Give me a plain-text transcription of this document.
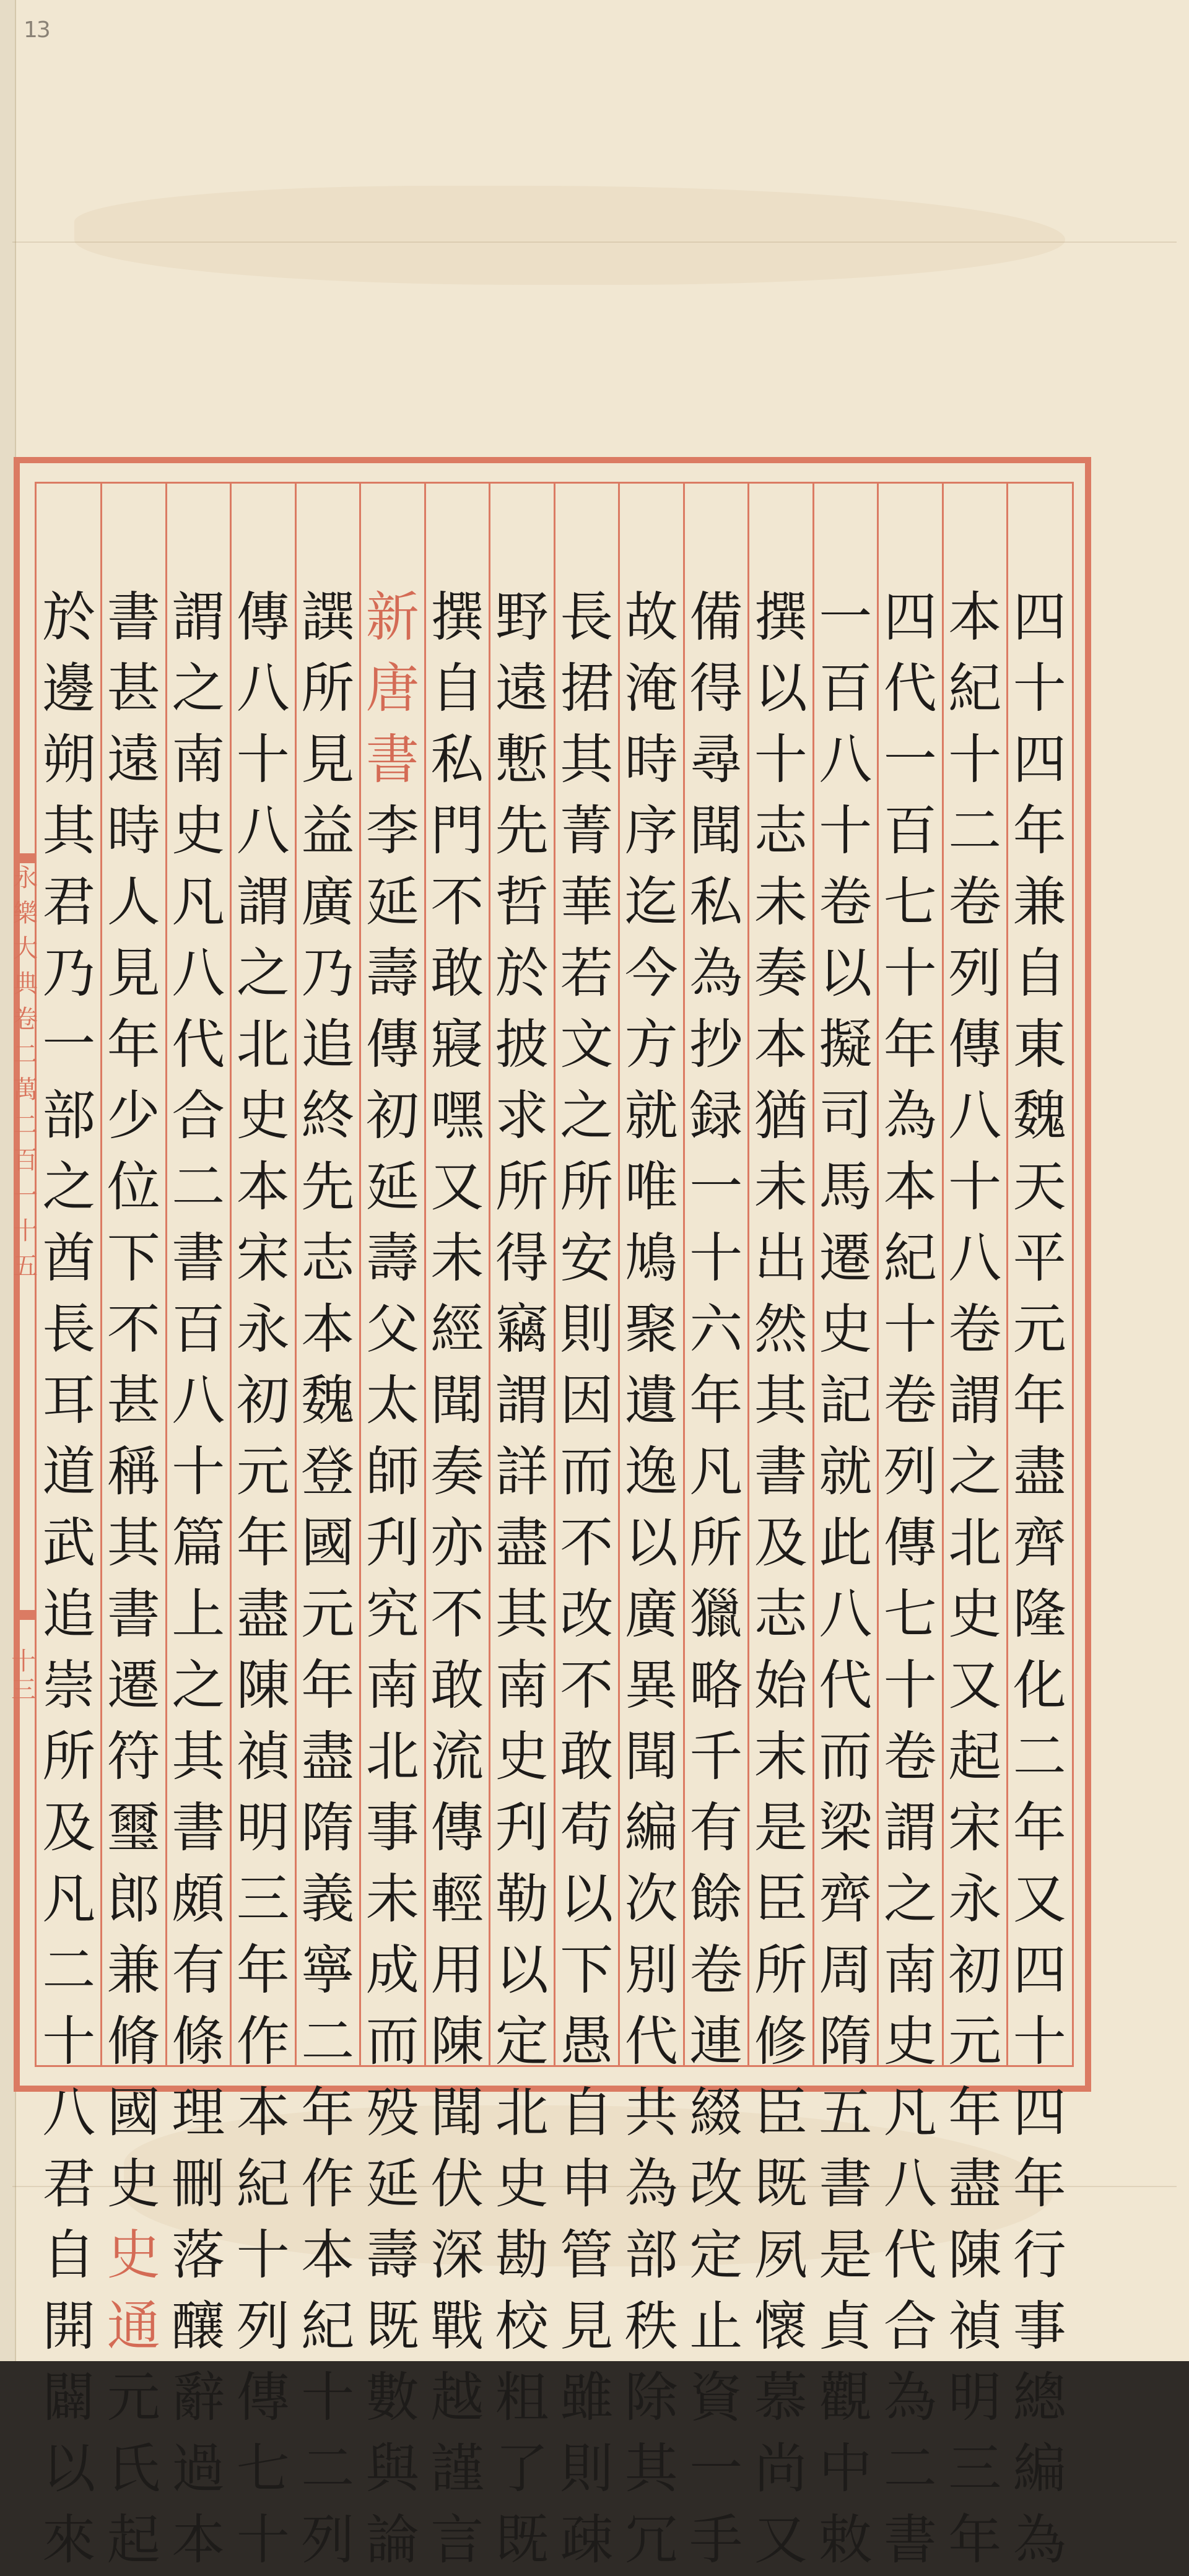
13
永
樂
大
典
卷
二
萬
二
百
一
十
五
十
三
四
十
四
年
兼
自
東
魏
天
平
元
年
盡
齊
隆
化
二
年
又
四
十
四
年
行
事
總
編
為
本
紀
十
二
卷
列
傳
八
十
八
卷
謂
之
北
史
又
起
宋
永
初
元
年
盡
陳
禎
明
三
年
四
代
一
百
七
十
年
為
本
紀
十
卷
列
傳
七
十
卷
謂
之
南
史
凡
八
代
合
為
二
書
一
百
八
十
卷
以
擬
司
馬
遷
史
記
就
此
八
代
而
梁
齊
周
隋
五
書
是
貞
觀
中
敕
撰
以
十
志
未
奏
本
猶
未
出
然
其
書
及
志
始
末
是
臣
所
修
臣
既
夙
懷
慕
尚
又
備
得
尋
聞
私
為
抄
録
一
十
六
年
凡
所
獵
略
千
有
餘
卷
連
綴
改
定
止
資
一
手
故
淹
時
序
迄
今
方
就
唯
鳩
聚
遺
逸
以
廣
異
聞
編
次
別
代
共
為
部
秩
除
其
冗
長
捃
其
菁
華
若
文
之
所
安
則
因
而
不
改
不
敢
苟
以
下
愚
自
申
管
見
雖
則
疎
野
遠
慙
先
哲
於
披
求
所
得
竊
謂
詳
盡
其
南
史
刋
勒
以
定
北
史
勘
校
粗
了
既
撰
自
私
門
不
敢
寢
嘿
又
未
經
聞
奏
亦
不
敢
流
傳
輕
用
陳
聞
伏
深
戰
越
謹
言
新
唐
書
李
延
壽
傳
初
延
壽
父
太
師
刋
究
南
北
事
未
成
而
殁
延
壽
既
數
與
論
譔
所
見
益
廣
乃
追
終
先
志
本
魏
登
國
元
年
盡
隋
義
寧
二
年
作
本
紀
十
二
列
傳
八
十
八
謂
之
北
史
本
宋
永
初
元
年
盡
陳
禎
明
三
年
作
本
紀
十
列
傳
七
十
謂
之
南
史
凡
八
代
合
二
書
百
八
十
篇
上
之
其
書
頗
有
條
理
刪
落
釀
辭
過
本
書
甚
遠
時
人
見
年
少
位
下
不
甚
稱
其
書
遷
符
璽
郎
兼
脩
國
史
史
通
元
氏
起
於
邊
朔
其
君
乃
一
部
之
酋
長
耳
道
武
追
崇
所
及
凡
二
十
八
君
自
開
闢
以
來
